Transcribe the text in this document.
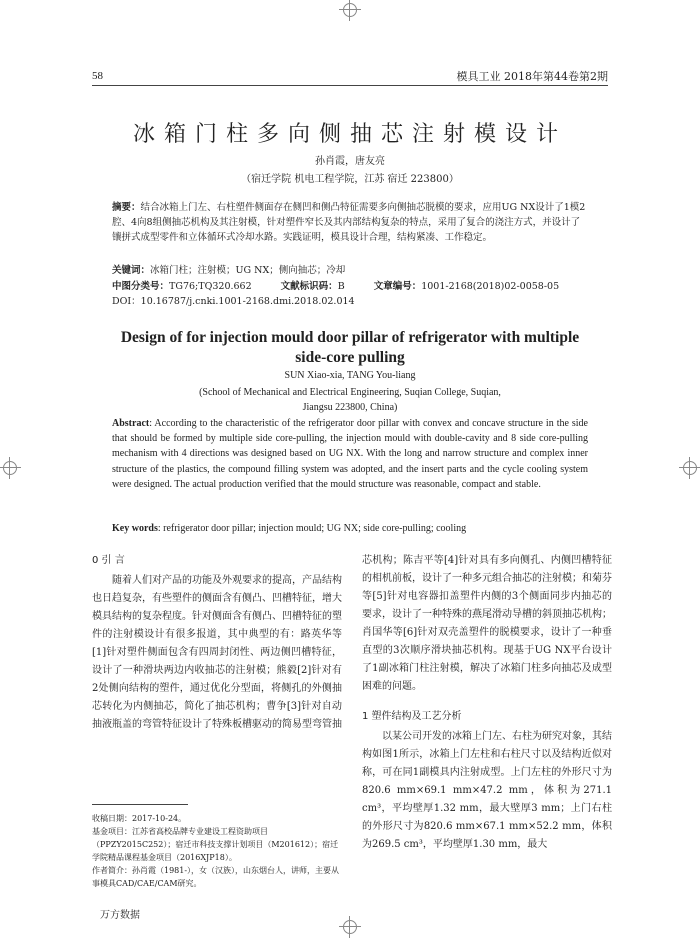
58	模具工业 2018年第44卷第2期
冰箱门柱多向侧抽芯注射模设计
孙肖霞，唐友亮
（宿迁学院 机电工程学院，江苏 宿迁 223800）
摘要：结合冰箱上门左、右柱塑件侧面存在侧凹和侧凸特征需要多向侧抽芯脱模的要求，应用UG NX设计了1模2腔、4向8组侧抽芯机构及其注射模，针对塑件窄长及其内部结构复杂的特点，采用了复合的浇注方式，并设计了镶拼式成型零件和立体循环式冷却水路。实践证明，模具设计合理，结构紧凑、工作稳定。
关键词：冰箱门柱；注射模；UG NX；侧向抽芯；冷却
中图分类号：TG76;TQ320.662	文献标识码：B	文章编号：1001-2168(2018)02-0058-05
DOI：10.16787/j.cnki.1001-2168.dmi.2018.02.014
Design of for injection mould door pillar of refrigerator with multiple side-core pulling
SUN Xiao-xia, TANG You-liang
(School of Mechanical and Electrical Engineering, Suqian College, Suqian,
Jiangsu 223800, China)
Abstract: According to the characteristic of the refrigerator door pillar with convex and concave structure in the side that should be formed by multiple side core-pulling, the injection mould with double-cavity and 8 side core-pulling mechanism with 4 directions was designed based on UG NX. With the long and narrow structure and complex inner structure of the plastics, the compound filling system was adopted, and the insert parts and the cycle cooling system were designed. The actual production verified that the mould structure was reasonable, compact and stable.
Key words: refrigerator door pillar; injection mould; UG NX; side core-pulling; cooling
0 引 言

随着人们对产品的功能及外观要求的提高，产品结构也日趋复杂，有些塑件的侧面含有侧凸、凹槽特征，增大模具结构的复杂程度。针对侧面含有侧凸、凹槽特征的塑件的注射模设计有很多报道，其中典型的有：路英华等[1]针对塑件侧面包含有四周封闭性、两边侧凹槽特征，设计了一种滑块两边内收抽芯的注射模；熊毅[2]针对有2处侧向结构的塑件，通过优化分型面，将侧孔的外侧抽芯转化为内侧抽芯，简化了抽芯机构；曹争[3]针对自动抽液瓶盖的弯管特征设计了特殊板槽驱动的简易型弯管抽

芯机构；陈吉平等[4]针对具有多向侧孔、内侧凹槽特征的相机前板，设计了一种多元组合抽芯的注射模；和菊芬等[5]针对电容器扣盖塑件内侧的3个侧面同步内抽芯的要求，设计了一种特殊的燕尾滑动导槽的斜顶抽芯机构；肖国华等[6]针对双壳盖塑件的脱模要求，设计了一种垂直型的3次顺序滑块抽芯机构。现基于UG NX平台设计了1副冰箱门柱注射模，解决了冰箱门柱多向抽芯及成型困难的问题。

1 塑件结构及工艺分析

以某公司开发的冰箱上门左、右柱为研究对象，其结构如图1所示，冰箱上门左柱和右柱尺寸以及结构近似对称，可在同1副模具内注射成型。上门左柱的外形尺寸为820.6 mm×69.1 mm×47.2 mm，体积为271.1 cm³，平均壁厚1.32 mm，最大壁厚3 mm；上门右柱的外形尺寸为820.6 mm×67.1 mm×52.2 mm，体积为269.5 cm³，平均壁厚1.30 mm，最大

收稿日期：2017-10-24。
基金项目：江苏省高校品牌专业建设工程资助项目（PPZY2015C252）；宿迁市科技支撑计划项目（M201612）；宿迁学院精品课程基金项目（2016XJP18）。
作者简介：孙肖霞（1981-），女（汉族），山东烟台人，讲师，主要从事模具CAD/CAE/CAM研究。
万方数据
